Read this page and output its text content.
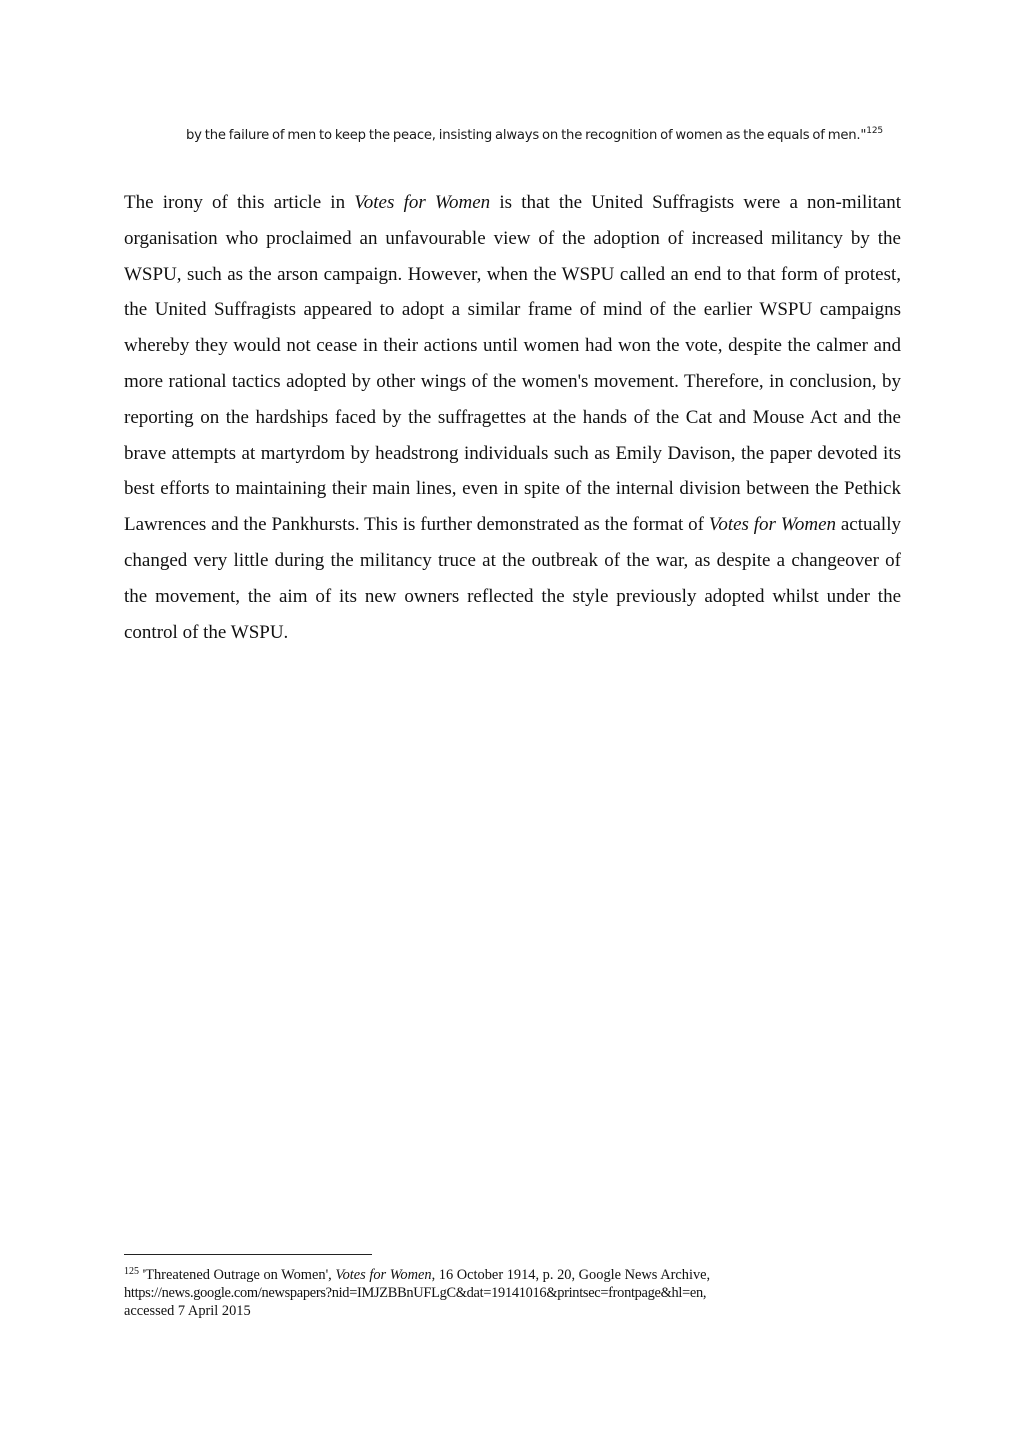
by the failure of men to keep the peace, insisting always on the recognition of women as the equals of men."$^{125}$

The irony of this article in Votes for Women is that the United Suffragists were a non-militant organisation who proclaimed an unfavourable view of the adoption of increased militancy by the WSPU, such as the arson campaign. However, when the WSPU called an end to that form of protest, the United Suffragists appeared to adopt a similar frame of mind of the earlier WSPU campaigns whereby they would not cease in their actions until women had won the vote, despite the calmer and more rational tactics adopted by other wings of the women's movement. Therefore, in conclusion, by reporting on the hardships faced by the suffragettes at the hands of the Cat and Mouse Act and the brave attempts at martyrdom by headstrong individuals such as Emily Davison, the paper devoted its best efforts to maintaining their main lines, even in spite of the internal division between the Pethick Lawrences and the Pankhursts. This is further demonstrated as the format of Votes for Women actually changed very little during the militancy truce at the outbreak of the war, as despite a changeover of the movement, the aim of its new owners reflected the style previously adopted whilst under the control of the WSPU.

$^{125}$ 'Threatened Outrage on Women', Votes for Women, 16 October 1914, p. 20, Google News Archive,
https://news.google.com/newspapers?nid=IMJZBBnUFLgC&dat=19141016&printsec=frontpage&hl=en,
accessed 7 April 2015
